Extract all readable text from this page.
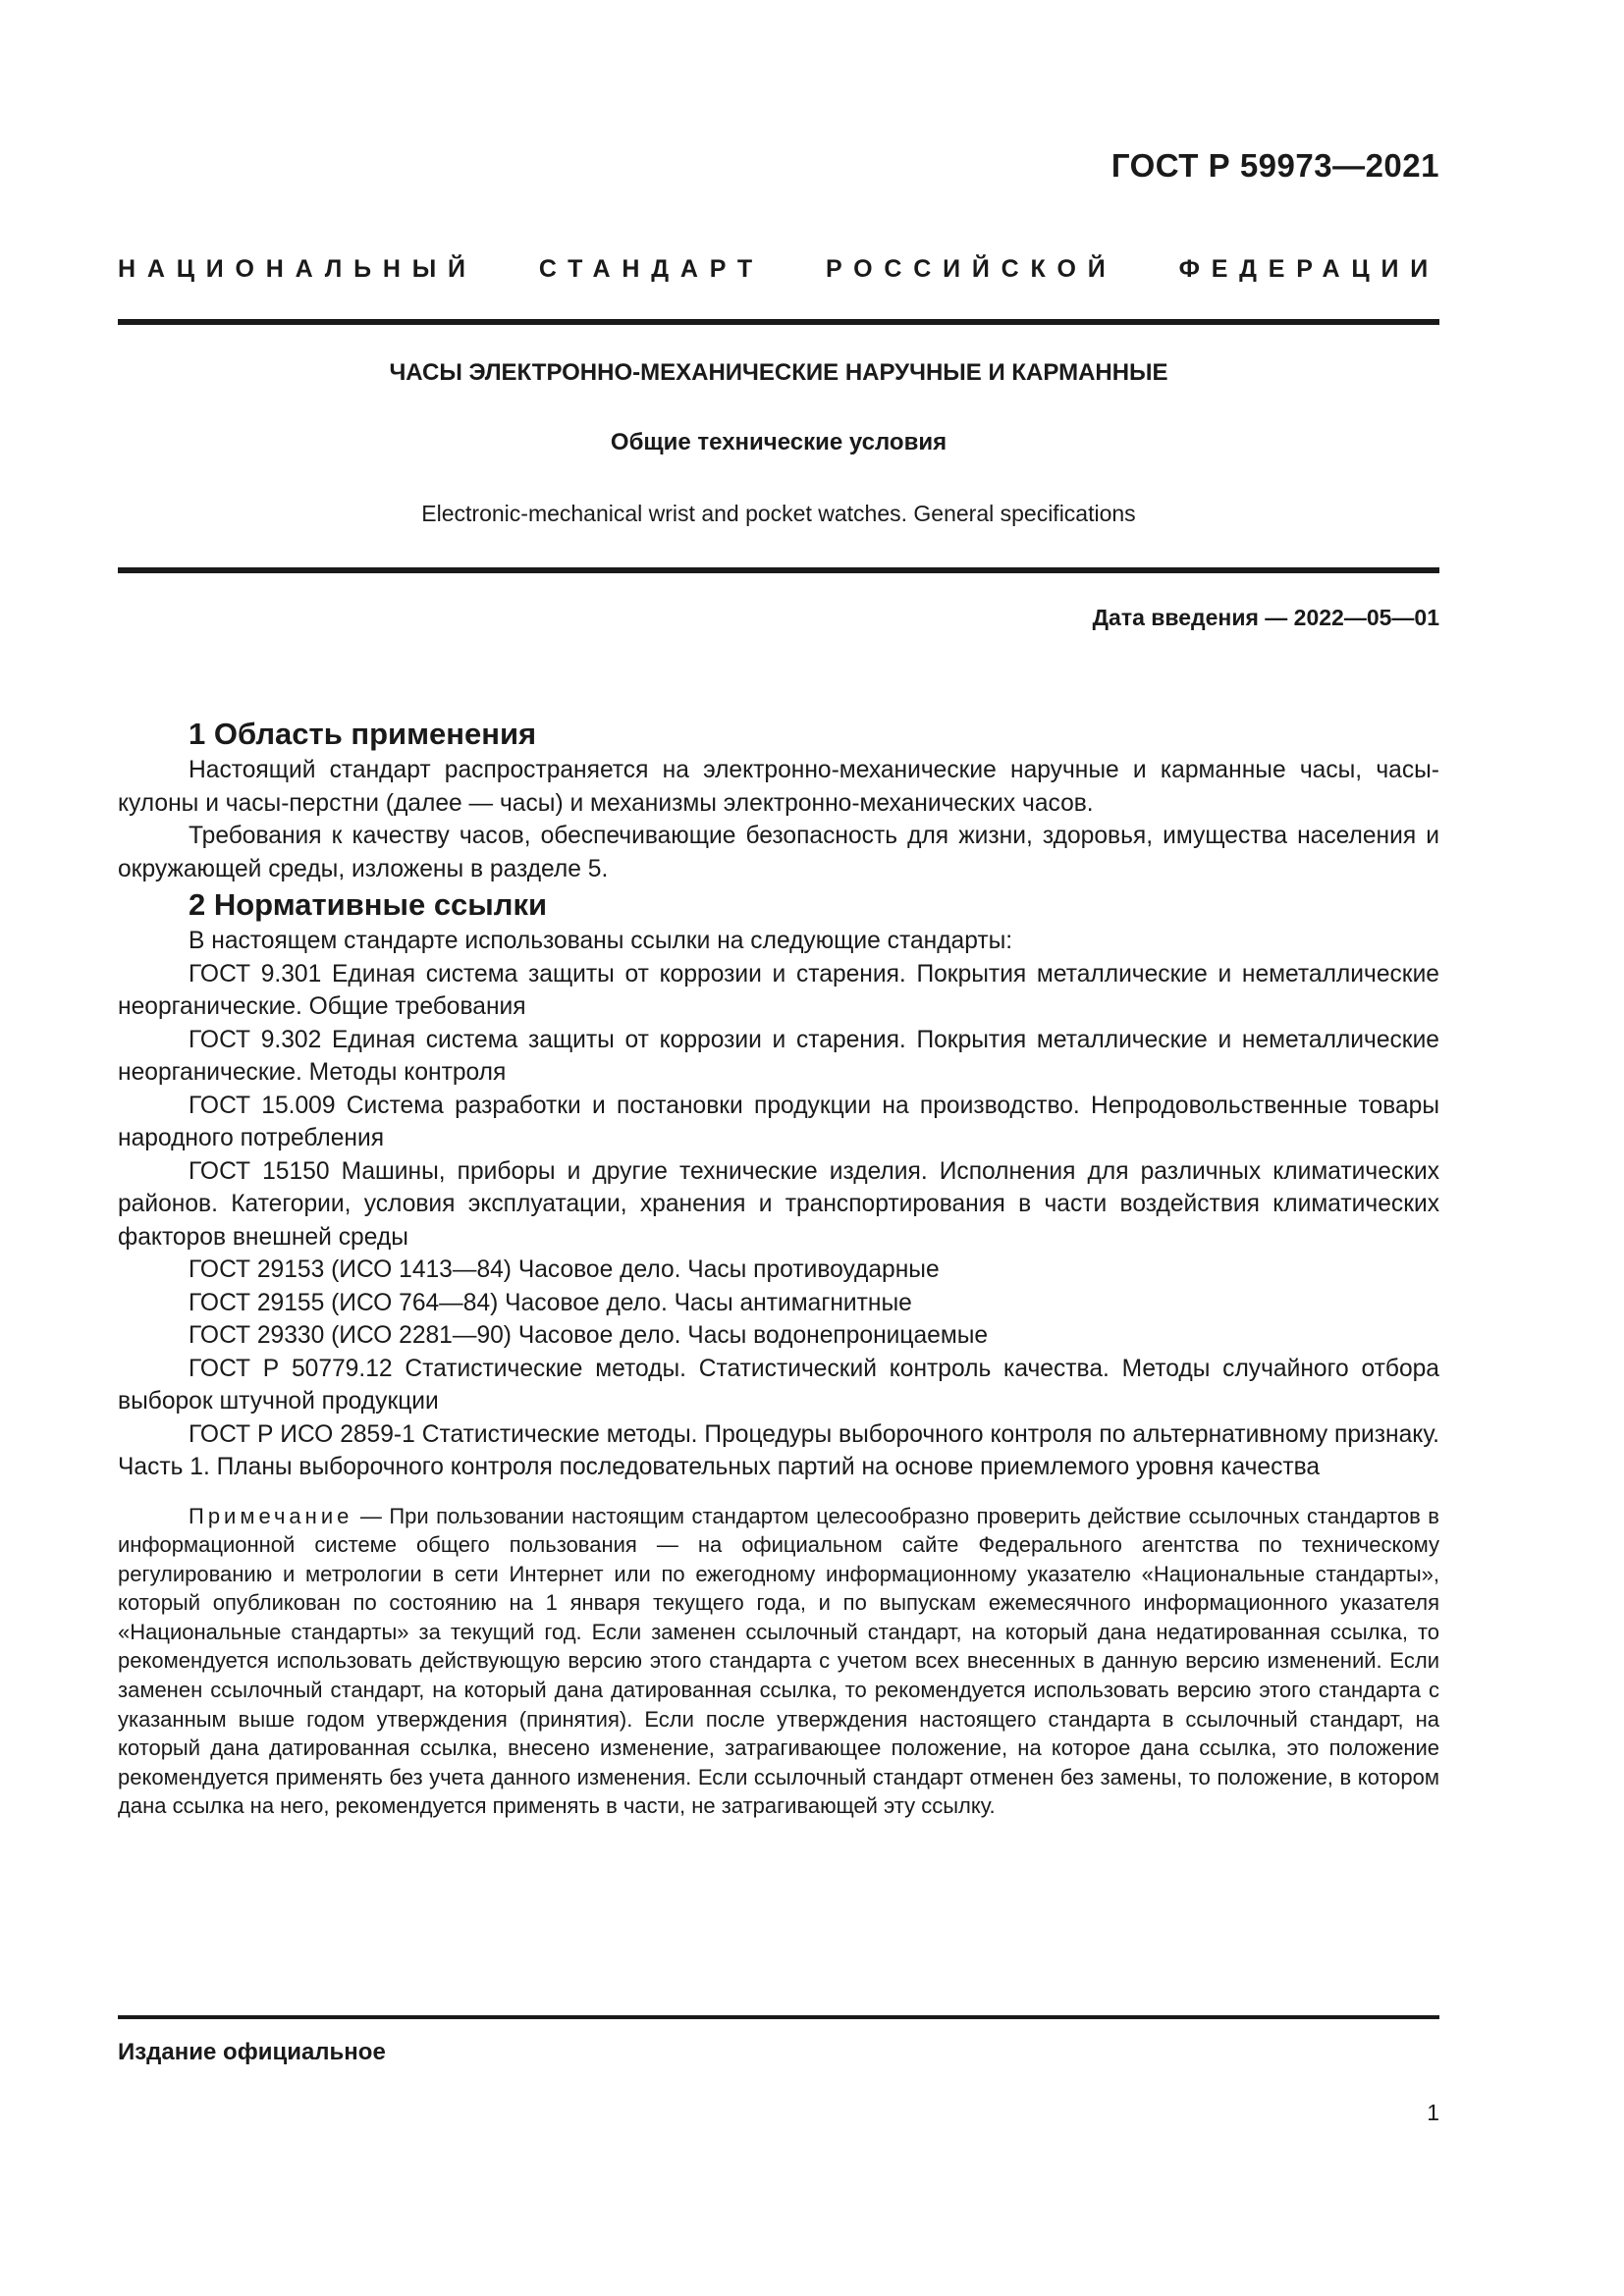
ГОСТ Р 59973—2021
НАЦИОНАЛЬНЫЙ СТАНДАРТ РОССИЙСКОЙ ФЕДЕРАЦИИ
ЧАСЫ ЭЛЕКТРОННО-МЕХАНИЧЕСКИЕ НАРУЧНЫЕ И КАРМАННЫЕ
Общие технические условия
Electronic-mechanical wrist and pocket watches. General specifications
Дата введения — 2022—05—01
1 Область применения

Настоящий стандарт распространяется на электронно-механические наручные и карманные часы, часы-кулоны и часы-перстни (далее — часы) и механизмы электронно-механических часов.

Требования к качеству часов, обеспечивающие безопасность для жизни, здоровья, имущества населения и окружающей среды, изложены в разделе 5.

2 Нормативные ссылки

В настоящем стандарте использованы ссылки на следующие стандарты:

ГОСТ 9.301 Единая система защиты от коррозии и старения. Покрытия металлические и неметаллические неорганические. Общие требования

ГОСТ 9.302 Единая система защиты от коррозии и старения. Покрытия металлические и неметаллические неорганические. Методы контроля

ГОСТ 15.009 Система разработки и постановки продукции на производство. Непродовольственные товары народного потребления

ГОСТ 15150 Машины, приборы и другие технические изделия. Исполнения для различных климатических районов. Категории, условия эксплуатации, хранения и транспортирования в части воздействия климатических факторов внешней среды

ГОСТ 29153 (ИСО 1413—84) Часовое дело. Часы противоударные

ГОСТ 29155 (ИСО 764—84) Часовое дело. Часы антимагнитные

ГОСТ 29330 (ИСО 2281—90) Часовое дело. Часы водонепроницаемые

ГОСТ Р 50779.12 Статистические методы. Статистический контроль качества. Методы случайного отбора выборок штучной продукции

ГОСТ Р ИСО 2859-1 Статистические методы. Процедуры выборочного контроля по альтернативному признаку. Часть 1. Планы выборочного контроля последовательных партий на основе приемлемого уровня качества

Примечание — При пользовании настоящим стандартом целесообразно проверить действие ссылочных стандартов в информационной системе общего пользования — на официальном сайте Федерального агентства по техническому регулированию и метрологии в сети Интернет или по ежегодному информационному указателю «Национальные стандарты», который опубликован по состоянию на 1 января текущего года, и по выпускам ежемесячного информационного указателя «Национальные стандарты» за текущий год. Если заменен ссылочный стандарт, на который дана недатированная ссылка, то рекомендуется использовать действующую версию этого стандарта с учетом всех внесенных в данную версию изменений. Если заменен ссылочный стандарт, на который дана датированная ссылка, то рекомендуется использовать версию этого стандарта с указанным выше годом утверждения (принятия). Если после утверждения настоящего стандарта в ссылочный стандарт, на который дана датированная ссылка, внесено изменение, затрагивающее положение, на которое дана ссылка, это положение рекомендуется применять без учета данного изменения. Если ссылочный стандарт отменен без замены, то положение, в котором дана ссылка на него, рекомендуется применять в части, не затрагивающей эту ссылку.

Издание официальное
1
